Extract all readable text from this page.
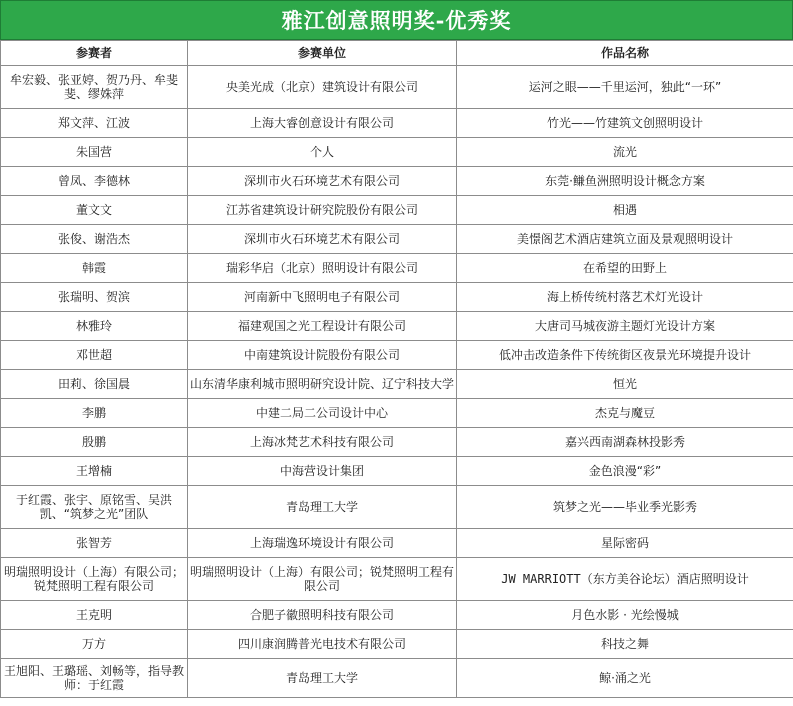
雅江创意照明奖-优秀奖
参赛者	参赛单位	作品名称
牟宏毅、张亚婷、贺乃丹、牟斐斐、缪姝萍	央美光成（北京）建筑设计有限公司	运河之眼——千里运河，独此“一环”
郑文萍、江波	上海大睿创意设计有限公司	竹光——竹建筑文创照明设计
朱国营	个人	流光
曾凤、李德林	深圳市火石环境艺术有限公司	东莞·鳒鱼洲照明设计概念方案
董文文	江苏省建筑设计研究院股份有限公司	相遇
张俊、谢浩杰	深圳市火石环境艺术有限公司	美憬阁艺术酒店建筑立面及景观照明设计
韩霞	瑞彩华启（北京）照明设计有限公司	在希望的田野上
张瑞明、贺滨	河南新中飞照明电子有限公司	海上桥传统村落艺术灯光设计
林雅玲	福建观国之光工程设计有限公司	大唐司马城夜游主题灯光设计方案
邓世超	中南建筑设计院股份有限公司	低冲击改造条件下传统街区夜景光环境提升设计
田莉、徐国晨	山东清华康利城市照明研究设计院、辽宁科技大学	恒光
李鹏	中建二局二公司设计中心	杰克与魔豆
殷鹏	上海冰梵艺术科技有限公司	嘉兴西南湖森林投影秀
王增楠	中海营设计集团	金色浪漫“彩”
于红霞、张宇、原铭雪、吴洪凯、“筑梦之光”团队	青岛理工大学	筑梦之光——毕业季光影秀
张智芳	上海瑞逸环境设计有限公司	星际密码
明瑞照明设计（上海）有限公司；锐梵照明工程有限公司	明瑞照明设计（上海）有限公司；锐梵照明工程有限公司	JW MARRIOTT（东方美谷论坛）酒店照明设计
王克明	合肥子徽照明科技有限公司	月色水影 · 光绘慢城
万方	四川康润腾普光电技术有限公司	科技之舞
王旭阳、王璐瑶、刘畅等，指导教师：于红霞	青岛理工大学	鲸·涌之光
